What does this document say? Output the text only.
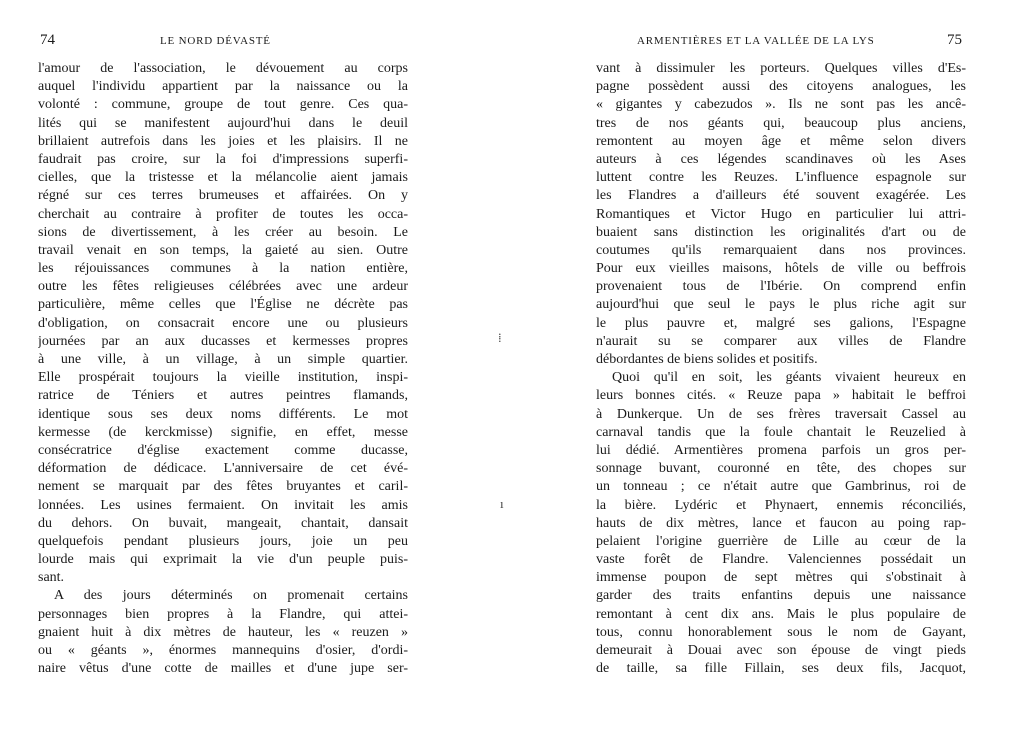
74	LE NORD DÉVASTÉ
l'amour de l'association, le dévouement au corps
auquel l'individu appartient par la naissance ou la
volonté : commune, groupe de tout genre. Ces qua-
lités qui se manifestent aujourd'hui dans le deuil
brillaient autrefois dans les joies et les plaisirs. Il ne
faudrait pas croire, sur la foi d'impressions superfi-
cielles, que la tristesse et la mélancolie aient jamais
régné sur ces terres brumeuses et affairées. On y
cherchait au contraire à profiter de toutes les occa-
sions de divertissement, à les créer au besoin. Le
travail venait en son temps, la gaieté au sien. Outre
les réjouissances communes à la nation entière,
outre les fêtes religieuses célébrées avec une ardeur
particulière, même celles que l'Église ne décrète pas
d'obligation, on consacrait encore une ou plusieurs
journées par an aux ducasses et kermesses propres
à une ville, à un village, à un simple quartier.
Elle prospérait toujours la vieille institution, inspi-
ratrice de Téniers et autres peintres flamands,
identique sous ses deux noms différents. Le mot
kermesse (de kerckmisse) signifie, en effet, messe
consécratrice d'église exactement comme ducasse,
déformation de dédicace. L'anniversaire de cet évé-
nement se marquait par des fêtes bruyantes et caril-
lonnées. Les usines fermaient. On invitait les amis
du dehors. On buvait, mangeait, chantait, dansait
quelquefois pendant plusieurs jours, joie un peu
lourde mais qui exprimait la vie d'un peuple puis-
sant.
A des jours déterminés on promenait certains
personnages bien propres à la Flandre, qui attei-
gnaient huit à dix mètres de hauteur, les « reuzen »
ou « géants », énormes mannequins d'osier, d'ordi-
naire vêtus d'une cotte de mailles et d'une jupe ser-
⁞
ı
ARMENTIÈRES ET LA VALLÉE DE LA LYS	75
vant à dissimuler les porteurs. Quelques villes d'Es-
pagne possèdent aussi des citoyens analogues, les
« gigantes y cabezudos ». Ils ne sont pas les ancê-
tres de nos géants qui, beaucoup plus anciens,
remontent au moyen âge et même selon divers
auteurs à ces légendes scandinaves où les Ases
luttent contre les Reuzes. L'influence espagnole sur
les Flandres a d'ailleurs été souvent exagérée. Les
Romantiques et Victor Hugo en particulier lui attri-
buaient sans distinction les originalités d'art ou de
coutumes qu'ils remarquaient dans nos provinces.
Pour eux vieilles maisons, hôtels de ville ou beffrois
provenaient tous de l'Ibérie. On comprend enfin
aujourd'hui que seul le pays le plus riche agit sur
le plus pauvre et, malgré ses galions, l'Espagne
n'aurait su se comparer aux villes de Flandre
débordantes de biens solides et positifs.
Quoi qu'il en soit, les géants vivaient heureux en
leurs bonnes cités. « Reuze papa » habitait le beffroi
à Dunkerque. Un de ses frères traversait Cassel au
carnaval tandis que la foule chantait le Reuzelied à
lui dédié. Armentières promena parfois un gros per-
sonnage buvant, couronné en tête, des chopes sur
un tonneau ; ce n'était autre que Gambrinus, roi de
la bière. Lydéric et Phynaert, ennemis réconciliés,
hauts de dix mètres, lance et faucon au poing rap-
pelaient l'origine guerrière de Lille au cœur de la
vaste forêt de Flandre. Valenciennes possédait un
immense poupon de sept mètres qui s'obstinait à
garder des traits enfantins depuis une naissance
remontant à cent dix ans. Mais le plus populaire de
tous, connu honorablement sous le nom de Gayant,
demeurait à Douai avec son épouse de vingt pieds
de taille, sa fille Fillain, ses deux fils, Jacquot,
